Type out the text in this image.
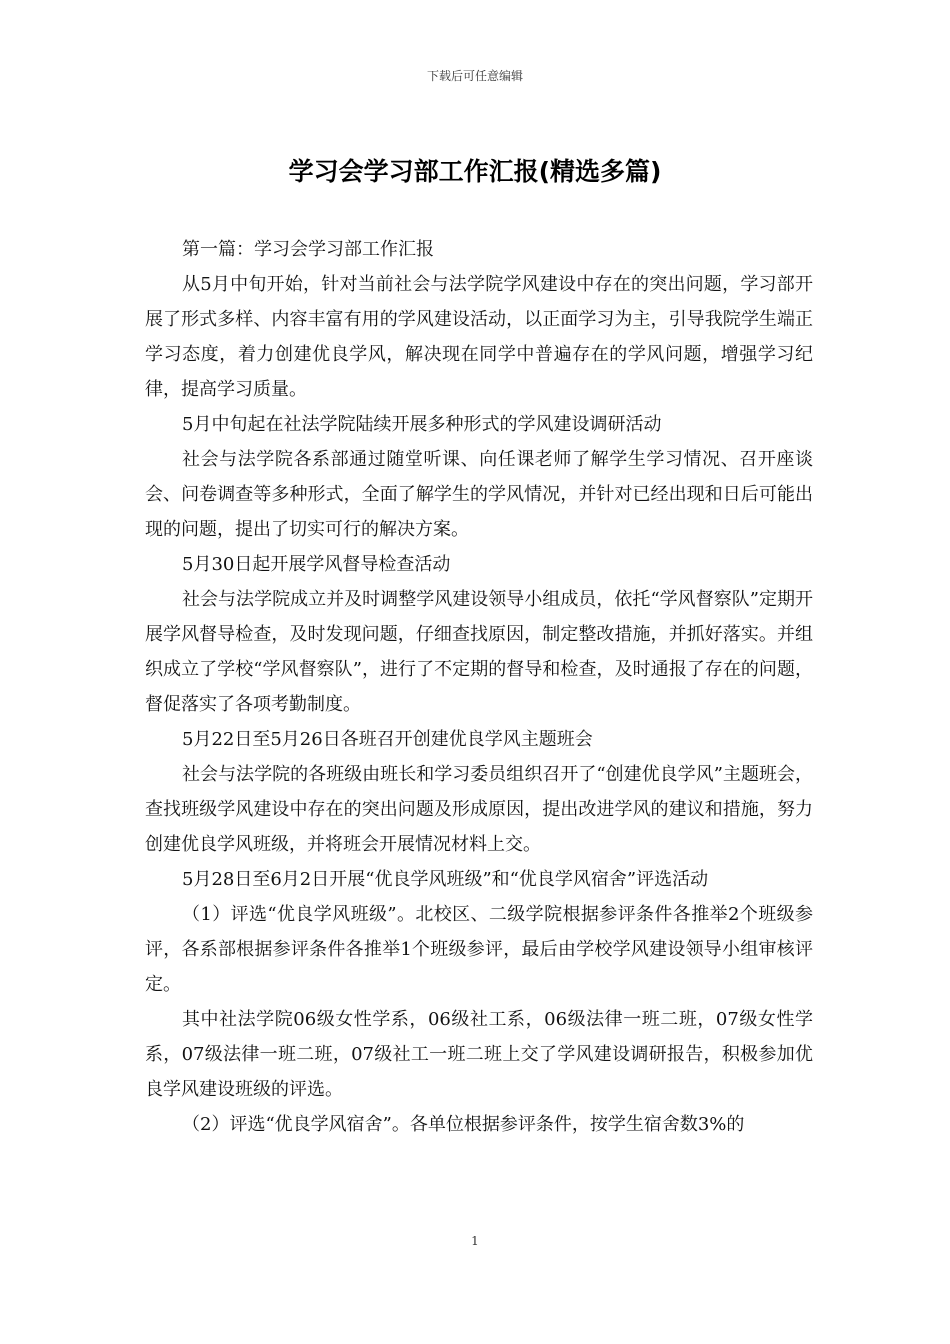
下载后可任意编辑
学习会学习部工作汇报(精选多篇)

第一篇：学习会学习部工作汇报

从5月中旬开始，针对当前社会与法学院学风建设中存在的突出问题，学习部开展了形式多样、内容丰富有用的学风建设活动，以正面学习为主，引导我院学生端正学习态度，着力创建优良学风，解决现在同学中普遍存在的学风问题，增强学习纪律，提高学习质量。

5月中旬起在社法学院陆续开展多种形式的学风建设调研活动

社会与法学院各系部通过随堂听课、向任课老师了解学生学习情况、召开座谈会、问卷调查等多种形式，全面了解学生的学风情况，并针对已经出现和日后可能出现的问题，提出了切实可行的解决方案。

5月30日起开展学风督导检查活动

社会与法学院成立并及时调整学风建设领导小组成员，依托“学风督察队”定期开展学风督导检查，及时发现问题，仔细查找原因，制定整改措施，并抓好落实。并组织成立了学校“学风督察队”，进行了不定期的督导和检查，及时通报了存在的问题，督促落实了各项考勤制度。

5月22日至5月26日各班召开创建优良学风主题班会

社会与法学院的各班级由班长和学习委员组织召开了“创建优良学风”主题班会，查找班级学风建设中存在的突出问题及形成原因，提出改进学风的建议和措施，努力创建优良学风班级，并将班会开展情况材料上交。

5月28日至6月2日开展“优良学风班级”和“优良学风宿舍”评选活动

（1）评选“优良学风班级”。北校区、二级学院根据参评条件各推举2个班级参评，各系部根据参评条件各推举1个班级参评，最后由学校学风建设领导小组审核评定。

其中社法学院06级女性学系，06级社工系，06级法律一班二班，07级女性学系，07级法律一班二班，07级社工一班二班上交了学风建设调研报告，积极参加优良学风建设班级的评选。

（2）评选“优良学风宿舍”。各单位根据参评条件，按学生宿舍数3%的

1
